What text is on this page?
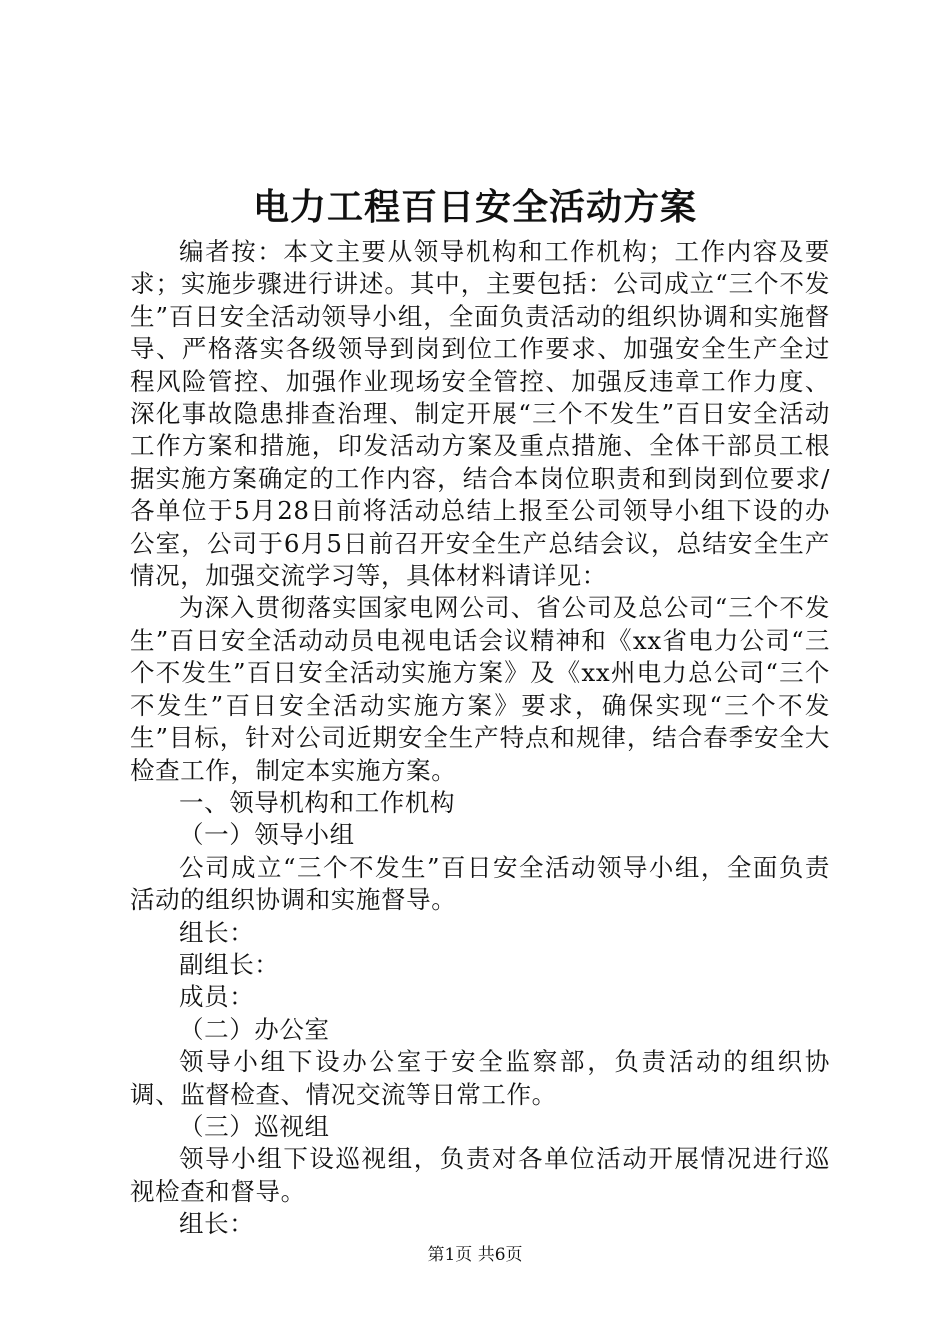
电力工程百日安全活动方案

编者按：本文主要从领导机构和工作机构；工作内容及要求；实施步骤进行讲述。其中，主要包括：公司成立“三个不发生”百日安全活动领导小组，全面负责活动的组织协调和实施督导、严格落实各级领导到岗到位工作要求、加强安全生产全过程风险管控、加强作业现场安全管控、加强反违章工作力度、深化事故隐患排查治理、制定开展“三个不发生”百日安全活动工作方案和措施，印发活动方案及重点措施、全体干部员工根据实施方案确定的工作内容，结合本岗位职责和到岗到位要求/各单位于5月28日前将活动总结上报至公司领导小组下设的办公室，公司于6月5日前召开安全生产总结会议，总结安全生产情况，加强交流学习等，具体材料请详见：

为深入贯彻落实国家电网公司、省公司及总公司“三个不发生”百日安全活动动员电视电话会议精神和《xx省电力公司“三个不发生”百日安全活动实施方案》及《xx州电力总公司“三个不发生”百日安全活动实施方案》要求，确保实现“三个不发生”目标，针对公司近期安全生产特点和规律，结合春季安全大检查工作，制定本实施方案。

一、领导机构和工作机构

（一）领导小组

公司成立“三个不发生”百日安全活动领导小组，全面负责活动的组织协调和实施督导。

组长：

副组长：

成员：

（二）办公室

领导小组下设办公室于安全监察部，负责活动的组织协调、监督检查、情况交流等日常工作。

（三）巡视组

领导小组下设巡视组，负责对各单位活动开展情况进行巡视检查和督导。

组长：

第1页 共6页
